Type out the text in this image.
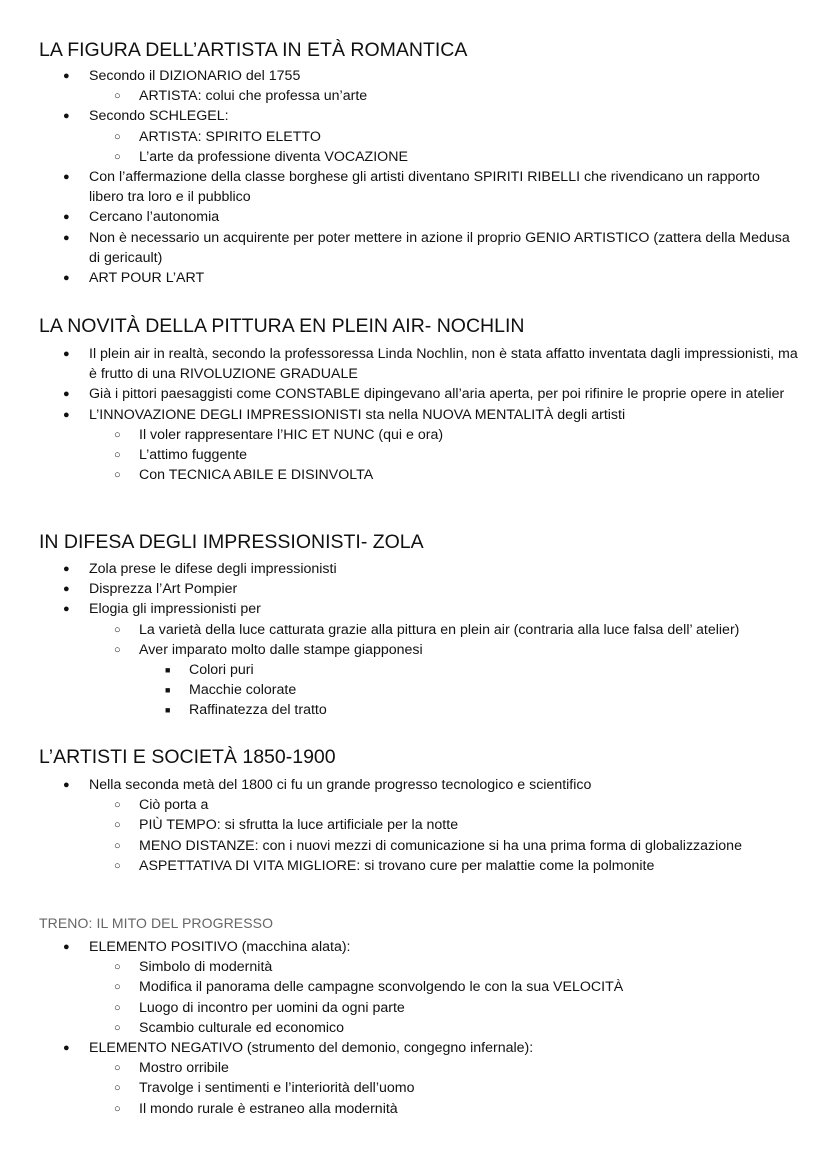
LA FIGURA DELL’ARTISTA IN ETÀ ROMANTICA
● Secondo il DIZIONARIO del 1755
○ ARTISTA: colui che professa un’arte
● Secondo SCHLEGEL:
○ ARTISTA: SPIRITO ELETTO
○ L’arte da professione diventa VOCAZIONE
● Con l’affermazione della classe borghese gli artisti diventano SPIRITI RIBELLI che rivendicano un rapporto libero tra loro e il pubblico
● Cercano l’autonomia
● Non è necessario un acquirente per poter mettere in azione il proprio GENIO ARTISTICO (zattera della Medusa di gericault)
● ART POUR L’ART
LA NOVITÀ DELLA PITTURA EN PLEIN AIR- NOCHLIN
● Il plein air in realtà, secondo la professoressa Linda Nochlin, non è stata affatto inventata dagli impressionisti, ma è frutto di una RIVOLUZIONE GRADUALE
● Già i pittori paesaggisti come CONSTABLE dipingevano all’aria aperta, per poi rifinire le proprie opere in atelier
● L’INNOVAZIONE DEGLI IMPRESSIONISTI sta nella NUOVA MENTALITÀ degli artisti
○ Il voler rappresentare l’HIC ET NUNC (qui e ora)
○ L’attimo fuggente
○ Con TECNICA ABILE E DISINVOLTA
IN DIFESA DEGLI IMPRESSIONISTI- ZOLA
● Zola prese le difese degli impressionisti
● Disprezza l’Art Pompier
● Elogia gli impressionisti per
○ La varietà della luce catturata grazie alla pittura en plein air (contraria alla luce falsa dell’ atelier)
○ Aver imparato molto dalle stampe giapponesi
■ Colori puri
■ Macchie colorate
■ Raffinatezza del tratto
L’ARTISTI E SOCIETÀ 1850-1900
● Nella seconda metà del 1800 ci fu un grande progresso tecnologico e scientifico
○ Ciò porta a
○ PIÙ TEMPO: si sfrutta la luce artificiale per la notte
○ MENO DISTANZE: con i nuovi mezzi di comunicazione si ha una prima forma di globalizzazione
○ ASPETTATIVA DI VITA MIGLIORE: si trovano cure per malattie come la polmonite
TRENO: IL MITO DEL PROGRESSO
● ELEMENTO POSITIVO (macchina alata):
○ Simbolo di modernità
○ Modifica il panorama delle campagne sconvolgendo le con la sua VELOCITÀ
○ Luogo di incontro per uomini da ogni parte
○ Scambio culturale ed economico
● ELEMENTO NEGATIVO (strumento del demonio, congegno infernale):
○ Mostro orribile
○ Travolge i sentimenti e l’interiorità dell’uomo
○ Il mondo rurale è estraneo alla modernità
